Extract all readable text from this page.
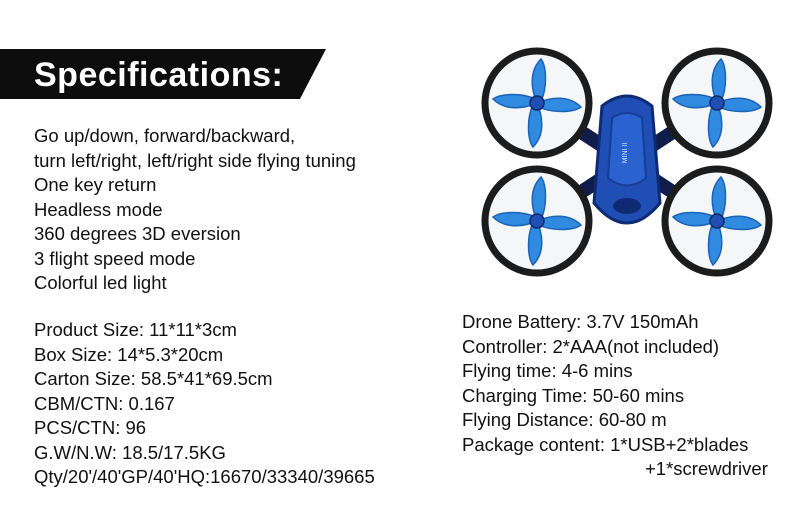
Specifications:
Go up/down, forward/backward,
turn left/right, left/right side flying tuning
One key return
Headless mode
360 degrees 3D eversion
3 flight speed mode
Colorful led light
Product Size: 11*11*3cm
Box Size: 14*5.3*20cm
Carton Size: 58.5*41*69.5cm
CBM/CTN: 0.167
PCS/CTN: 96
G.W/N.W: 18.5/17.5KG
Qty/20'/40'GP/40'HQ:16670/33340/39665
Drone Battery: 3.7V 150mAh
Controller: 2*AAA(not included)
Flying time: 4-6 mins
Charging Time: 50-60 mins
Flying Distance: 60-80 m
Package content: 1*USB+2*blades
+1*screwdriver
MINI II
